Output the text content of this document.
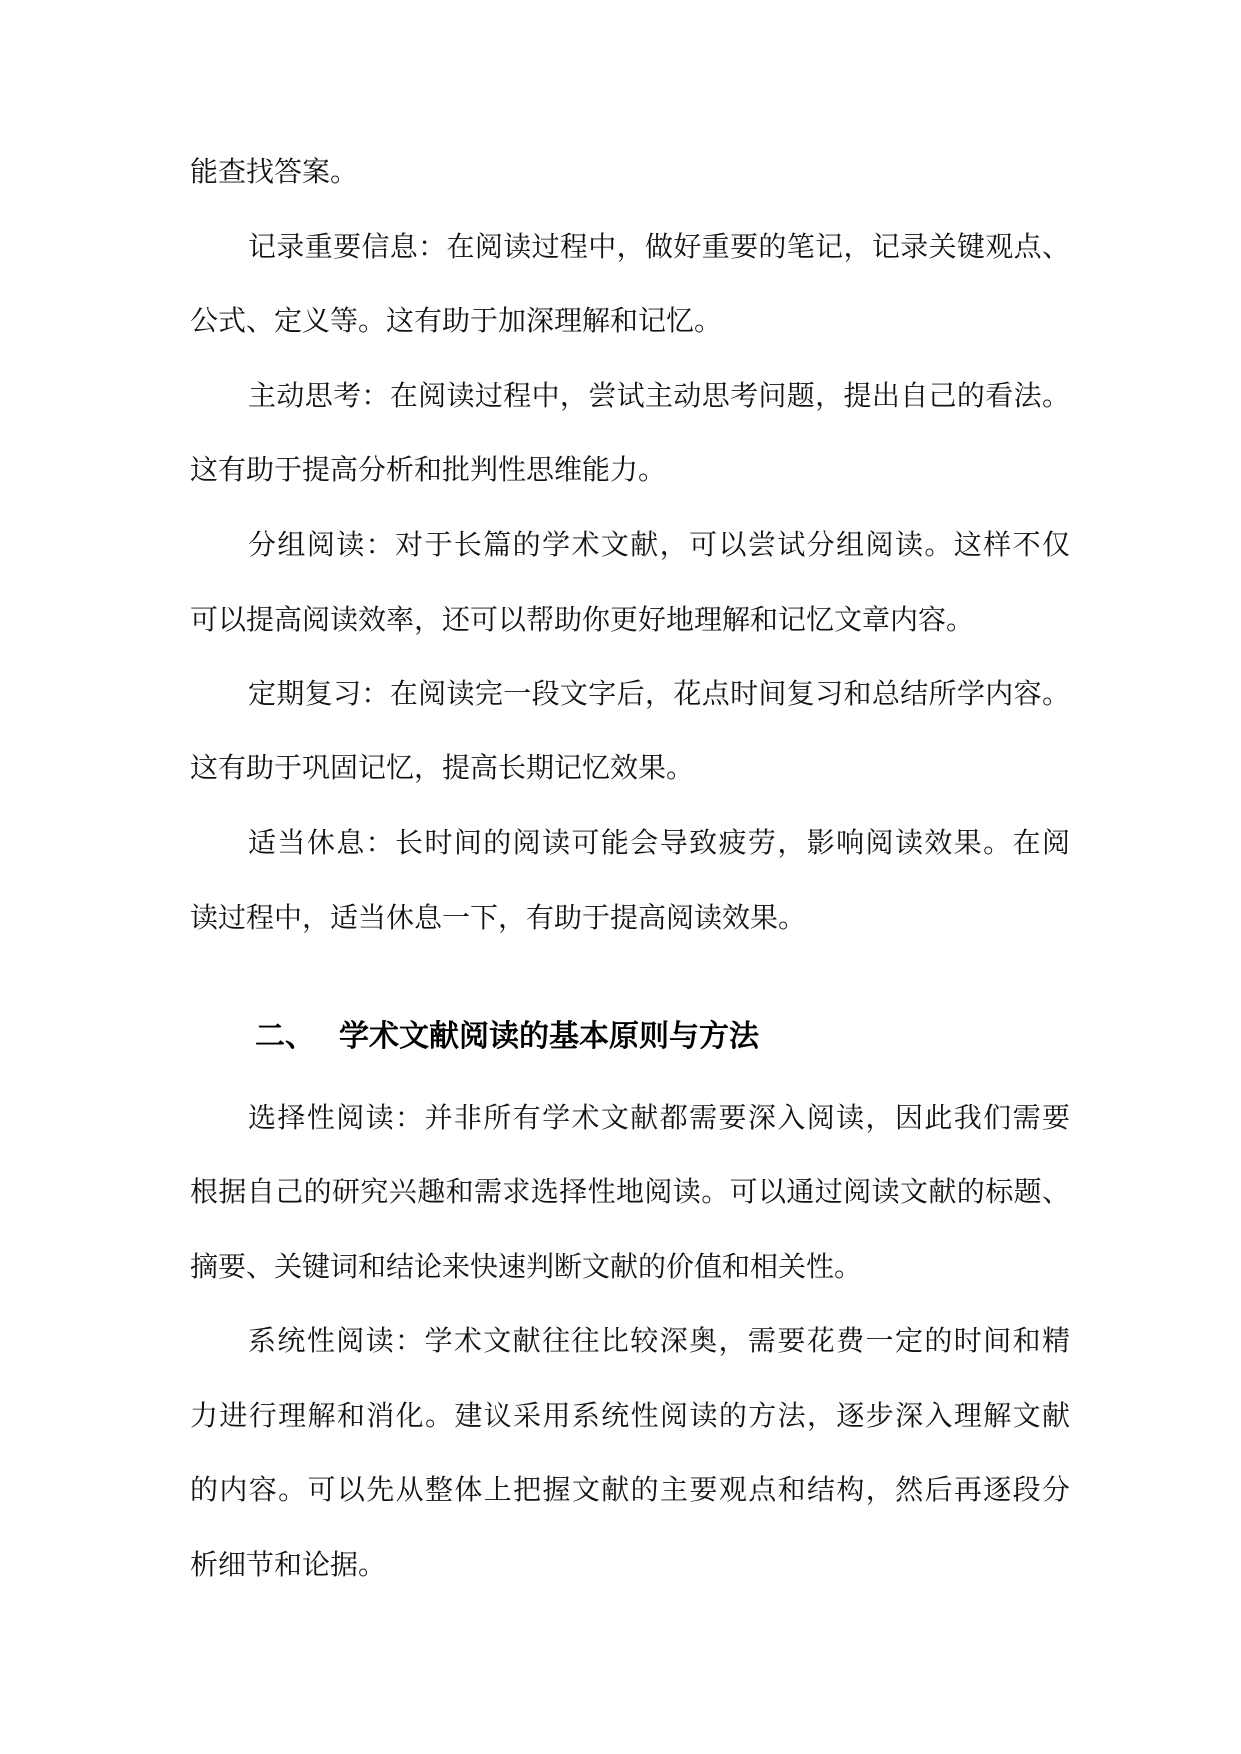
能查找答案。
记录重要信息：在阅读过程中，做好重要的笔记，记录关键观点、
公式、定义等。这有助于加深理解和记忆。
主动思考：在阅读过程中，尝试主动思考问题，提出自己的看法。
这有助于提高分析和批判性思维能力。
分组阅读：对于长篇的学术文献，可以尝试分组阅读。这样不仅
可以提高阅读效率，还可以帮助你更好地理解和记忆文章内容。
定期复习：在阅读完一段文字后，花点时间复习和总结所学内容。
这有助于巩固记忆，提高长期记忆效果。
适当休息：长时间的阅读可能会导致疲劳，影响阅读效果。在阅
读过程中，适当休息一下，有助于提高阅读效果。
二、 学术文献阅读的基本原则与方法
选择性阅读：并非所有学术文献都需要深入阅读，因此我们需要
根据自己的研究兴趣和需求选择性地阅读。可以通过阅读文献的标题、
摘要、关键词和结论来快速判断文献的价值和相关性。
系统性阅读：学术文献往往比较深奥，需要花费一定的时间和精
力进行理解和消化。建议采用系统性阅读的方法，逐步深入理解文献
的内容。可以先从整体上把握文献的主要观点和结构，然后再逐段分
析细节和论据。
